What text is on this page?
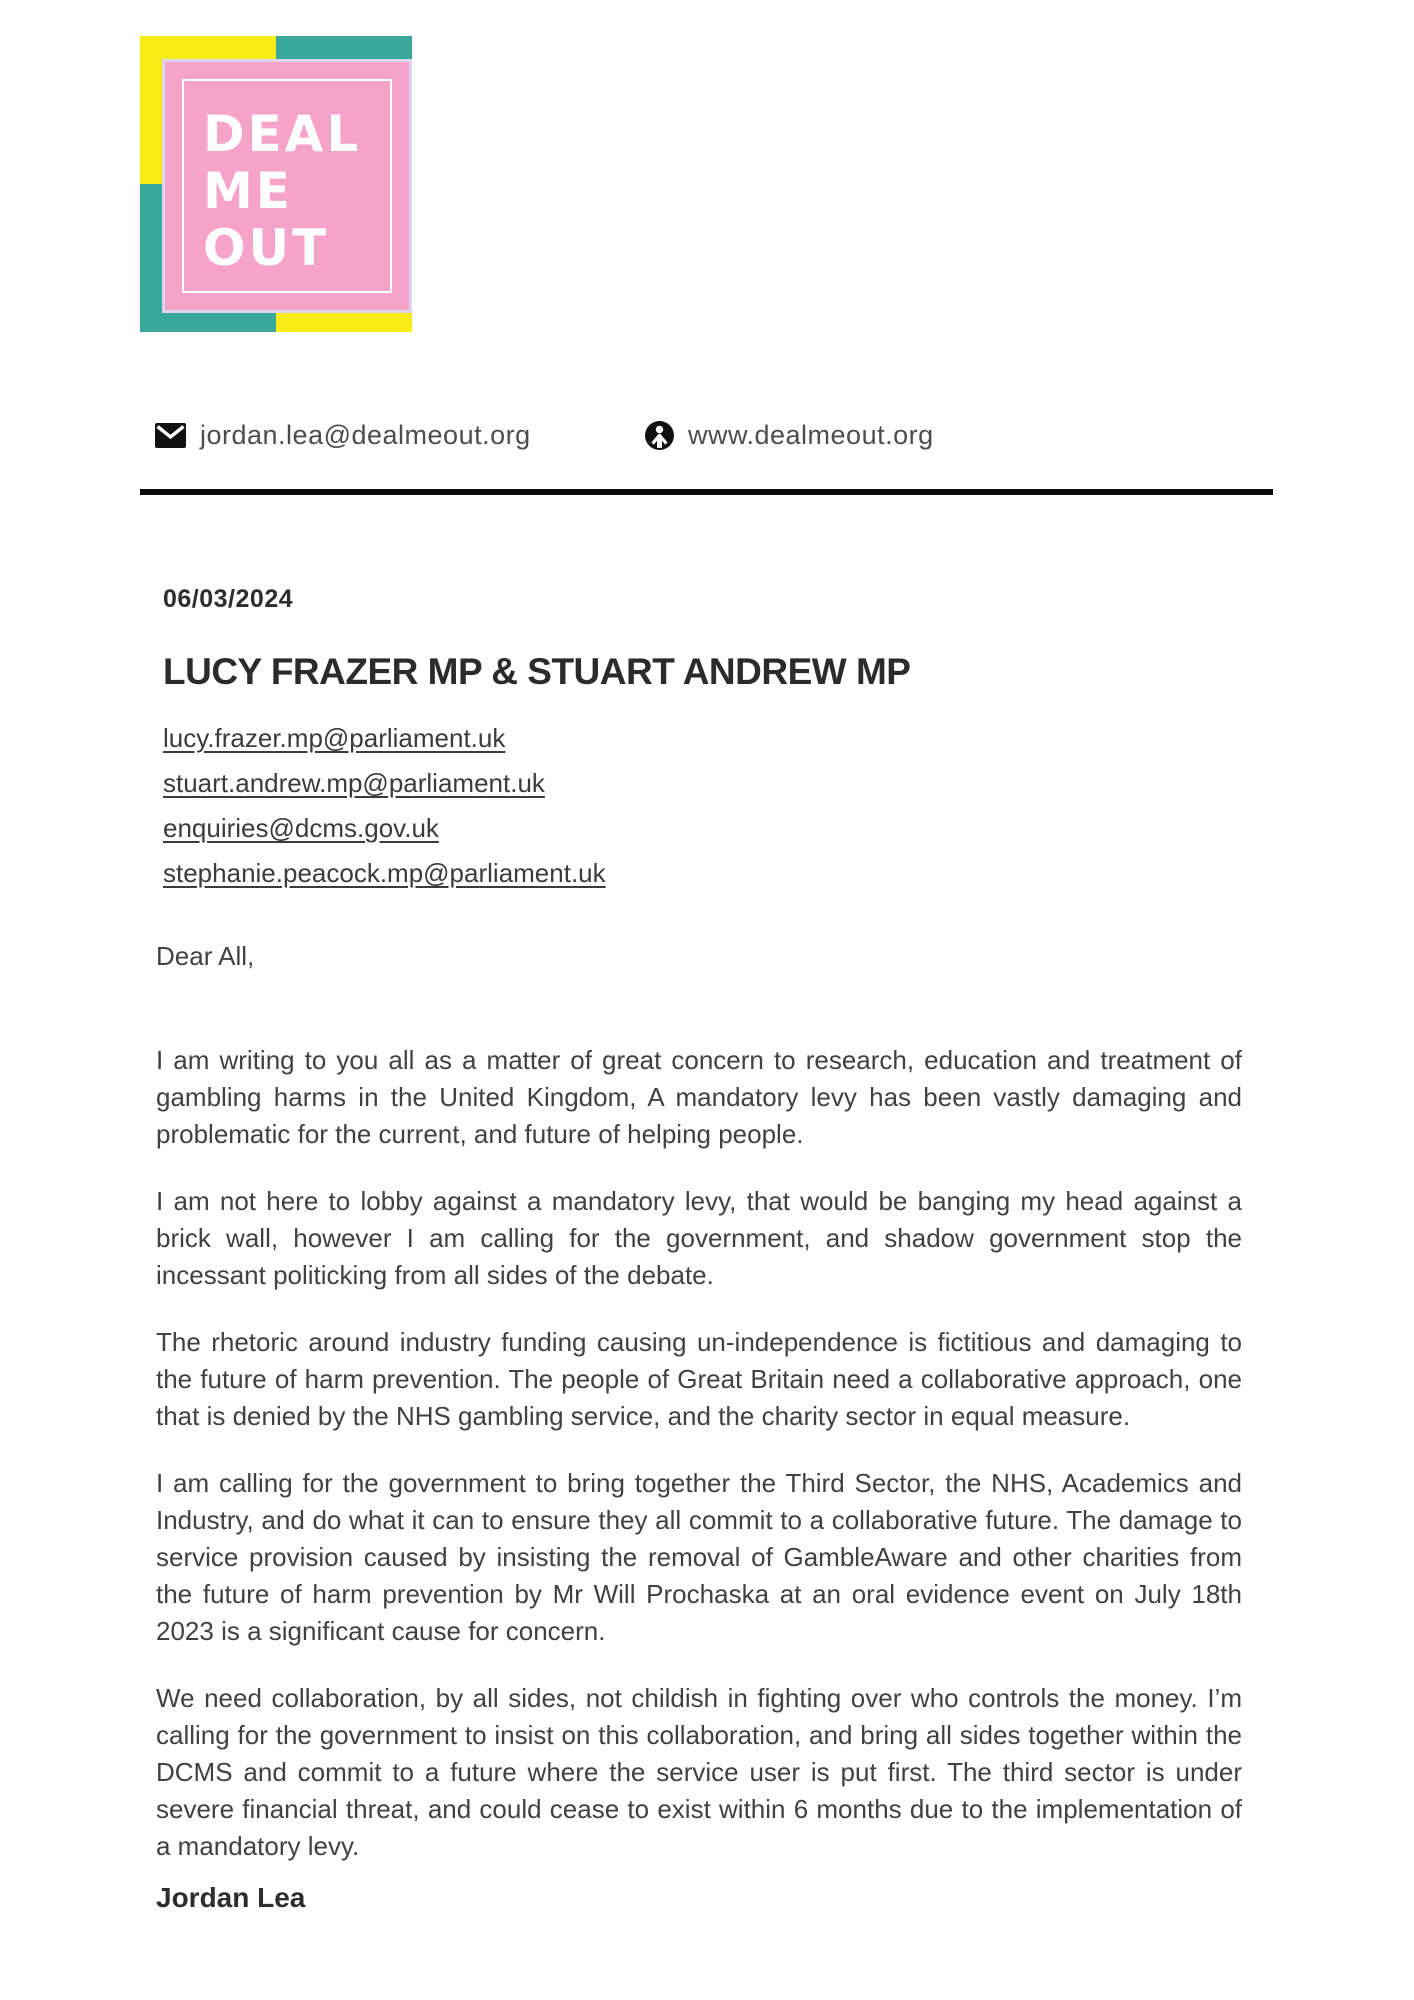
DEAL
ME
OUT
jordan.lea@dealmeout.org	www.dealmeout.org
06/03/2024
LUCY FRAZER MP & STUART ANDREW MP
lucy.frazer.mp@parliament.uk
stuart.andrew.mp@parliament.uk
enquiries@dcms.gov.uk
stephanie.peacock.mp@parliament.uk
Dear All,

I am writing to you all as a matter of great concern to research, education and treatment of gambling harms in the United Kingdom, A mandatory levy has been vastly damaging and problematic for the current, and future of helping people.

I am not here to lobby against a mandatory levy, that would be banging my head against a brick wall, however I am calling for the government, and shadow government stop the incessant politicking from all sides of the debate.

The rhetoric around industry funding causing un-independence is fictitious and damaging to the future of harm prevention. The people of Great Britain need a collaborative approach, one that is denied by the NHS gambling service, and the charity sector in equal measure.

I am calling for the government to bring together the Third Sector, the NHS, Academics and Industry, and do what it can to ensure they all commit to a collaborative future. The damage to service provision caused by insisting the removal of GambleAware and other charities from the future of harm prevention by Mr Will Prochaska at an oral evidence event on July 18th 2023 is a significant cause for concern.

We need collaboration, by all sides, not childish in fighting over who controls the money. I’m calling for the government to insist on this collaboration, and bring all sides together within the DCMS and commit to a future where the service user is put first. The third sector is under severe financial threat, and could cease to exist within 6 months due to the implementation of a mandatory levy.

Jordan Lea
